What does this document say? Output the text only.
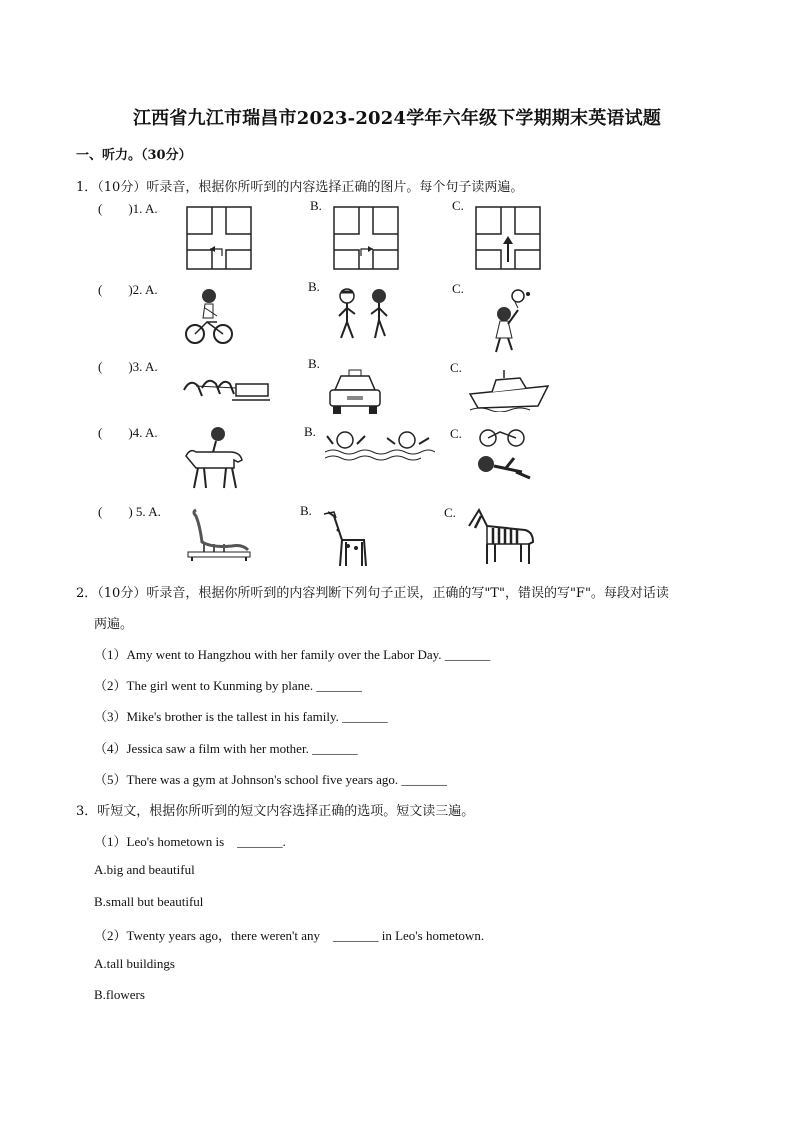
江西省九江市瑞昌市2023-2024学年六年级下学期期末英语试题
一、听力。（30分）
1．（10分）听录音，根据你所听到的内容选择正确的图片。每个句子读两遍。
(　　)1. A.	B.	C.
(　　)2. A.	B.	C.
(　　)3. A.	B.	C.
(　　)4. A.	B.	C.
(　　) 5. A.	B.	C.
2．（10分）听录音，根据你所听到的内容判断下列句子正误，正确的写"T"，错误的写"F"。每段对话读
两遍。
（1）Amy went to Hangzhou with her family over the Labor Day. _______
（2）The girl went to Kunming by plane. _______
（3）Mike's brother is the tallest in his family. _______
（4）Jessica saw a film with her mother. _______
（5）There was a gym at Johnson's school five years ago. _______
3．听短文，根据你所听到的短文内容选择正确的选项。短文读三遍。
（1）Leo's hometown is　_______.
A.big and beautiful
B.small but beautiful
（2）Twenty years ago，there weren't any　_______ in Leo's hometown.
A.tall buildings
B.flowers
